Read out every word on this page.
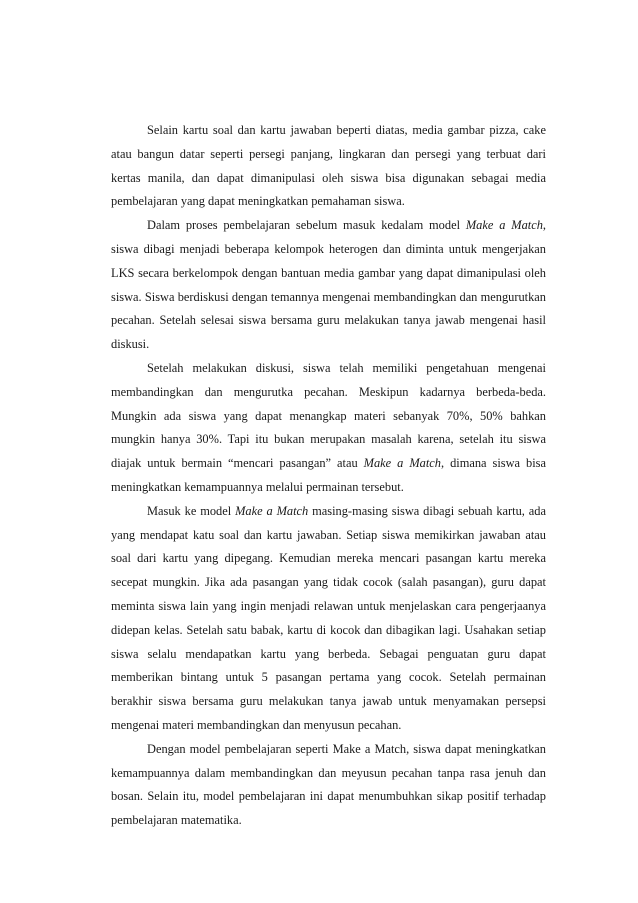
Selain kartu soal dan kartu jawaban beperti diatas, media gambar pizza, cake atau bangun datar seperti persegi panjang, lingkaran dan persegi yang terbuat dari kertas manila, dan dapat dimanipulasi oleh siswa bisa digunakan sebagai media pembelajaran yang dapat meningkatkan pemahaman siswa.

Dalam proses pembelajaran sebelum masuk kedalam model Make a Match, siswa dibagi menjadi beberapa kelompok heterogen dan diminta untuk mengerjakan LKS secara berkelompok dengan bantuan media gambar yang dapat dimanipulasi oleh siswa. Siswa berdiskusi dengan temannya mengenai membandingkan dan mengurutkan pecahan. Setelah selesai siswa bersama guru melakukan tanya jawab mengenai hasil diskusi.

Setelah melakukan diskusi, siswa telah memiliki pengetahuan mengenai membandingkan dan mengurutka pecahan. Meskipun kadarnya berbeda-beda. Mungkin ada siswa yang dapat menangkap materi sebanyak 70%, 50% bahkan mungkin hanya 30%. Tapi itu bukan merupakan masalah karena, setelah itu siswa diajak untuk bermain “mencari pasangan” atau Make a Match, dimana siswa bisa meningkatkan kemampuannya melalui permainan tersebut.

Masuk ke model Make a Match masing-masing siswa dibagi sebuah kartu, ada yang mendapat katu soal dan kartu jawaban. Setiap siswa memikirkan jawaban atau soal dari kartu yang dipegang. Kemudian mereka mencari pasangan kartu mereka secepat mungkin. Jika ada pasangan yang tidak cocok (salah pasangan), guru dapat meminta siswa lain yang ingin menjadi relawan untuk menjelaskan cara pengerjaanya didepan kelas. Setelah satu babak, kartu di kocok dan dibagikan lagi. Usahakan setiap siswa selalu mendapatkan kartu yang berbeda. Sebagai penguatan guru dapat memberikan bintang untuk 5 pasangan pertama yang cocok. Setelah permainan berakhir siswa bersama guru melakukan tanya jawab untuk menyamakan persepsi mengenai materi membandingkan dan menyusun pecahan.

Dengan model pembelajaran seperti Make a Match, siswa dapat meningkatkan kemampuannya dalam membandingkan dan meyusun pecahan tanpa rasa jenuh dan bosan. Selain itu, model pembelajaran ini dapat menumbuhkan sikap positif terhadap pembelajaran matematika.
